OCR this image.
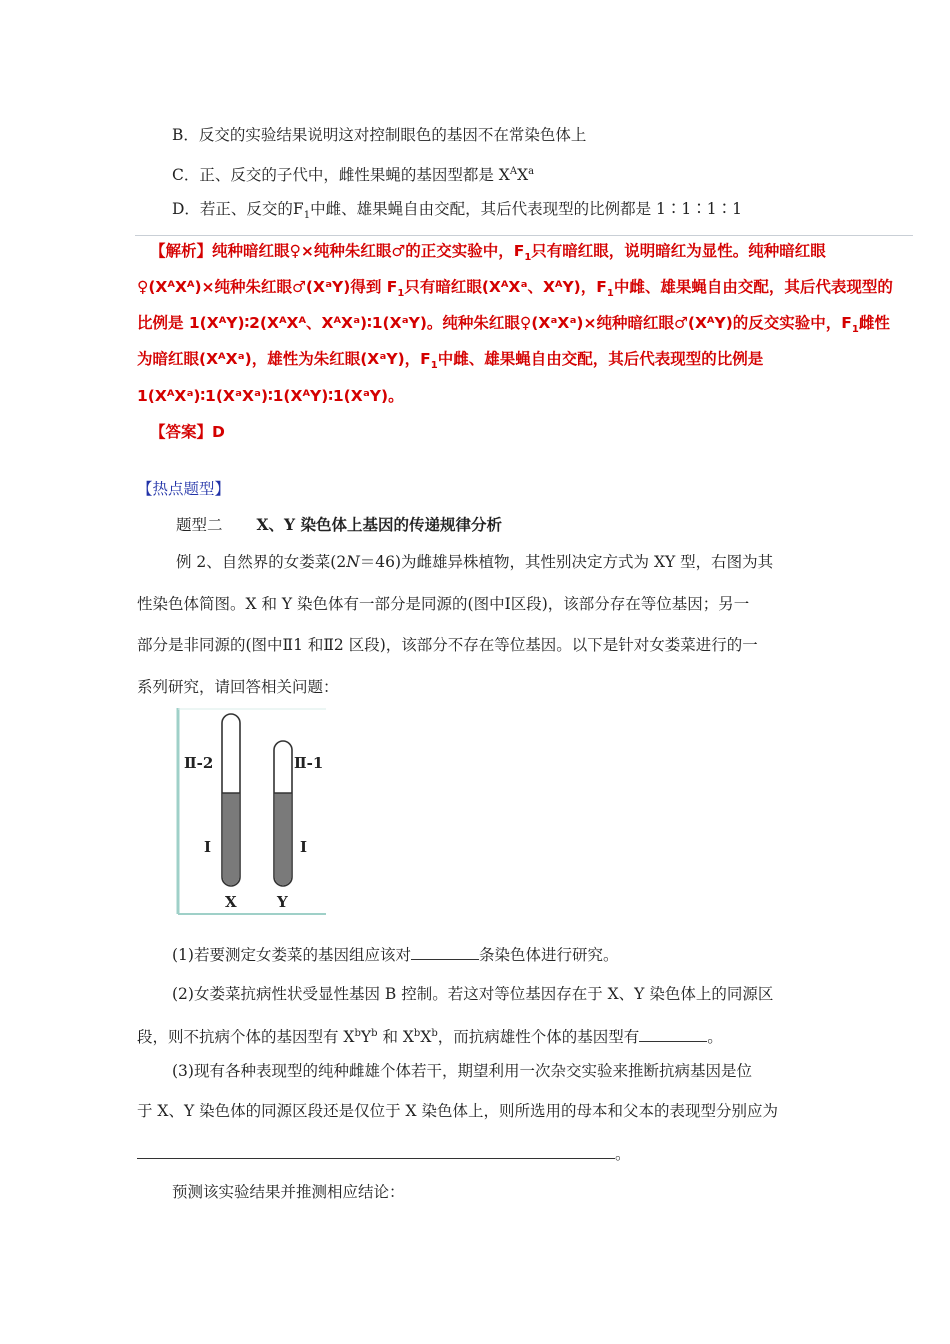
B．反交的实验结果说明这对控制眼色的基因不在常染色体上
C．正、反交的子代中，雌性果蝇的基因型都是 $X^AX^a$
D．若正、反交的$F_1$中雌、雄果蝇自由交配，其后代表现型的比例都是 1∶1∶1∶1
【解析】纯种暗红眼♀×纯种朱红眼♂的正交实验中，$F_1$只有暗红眼，说明暗红为显性。纯种暗红眼
♀(XᴬXᴬ)×纯种朱红眼♂(XᵃY)得到 $F_1$只有暗红眼(XᴬXᵃ、XᴬY)，$F_1$中雌、雄果蝇自由交配，其后代表现型的
比例是 1(XᴬY)∶2(XᴬXᴬ、XᴬXᵃ)∶1(XᵃY)。纯种朱红眼♀(XᵃXᵃ)×纯种暗红眼♂(XᴬY)的反交实验中，$F_1$雌性
为暗红眼(XᴬXᵃ)，雄性为朱红眼(XᵃY)，$F_1$中雌、雄果蝇自由交配，其后代表现型的比例是
1(XᴬXᵃ)∶1(XᵃXᵃ)∶1(XᴬY)∶1(XᵃY)。
【答案】D
【热点题型】
题型二 X、Y 染色体上基因的传递规律分析
例 2、自然界的女娄菜(2N＝46)为雌雄异株植物，其性别决定方式为 XY 型，右图为其
性染色体简图。X 和 Y 染色体有一部分是同源的(图中Ⅰ区段)，该部分存在等位基因；另一
部分是非同源的(图中Ⅱ1 和Ⅱ2 区段)，该部分不存在等位基因。以下是针对女娄菜进行的一
系列研究，请回答相关问题：
Ⅱ-2	Ⅱ-1
Ⅰ	Ⅰ
X	Y
(1)若要测定女娄菜的基因组应该对	条染色体进行研究。
(2)女娄菜抗病性状受显性基因 B 控制。若这对等位基因存在于 X、Y 染色体上的同源区
段，则不抗病个体的基因型有 $X^bY^b$ 和 $X^bX^b$，而抗病雄性个体的基因型有	。
(3)现有各种表现型的纯种雌雄个体若干，期望利用一次杂交实验来推断抗病基因是位
于 X、Y 染色体的同源区段还是仅位于 X 染色体上，则所选用的母本和父本的表现型分别应为
。
预测该实验结果并推测相应结论：
